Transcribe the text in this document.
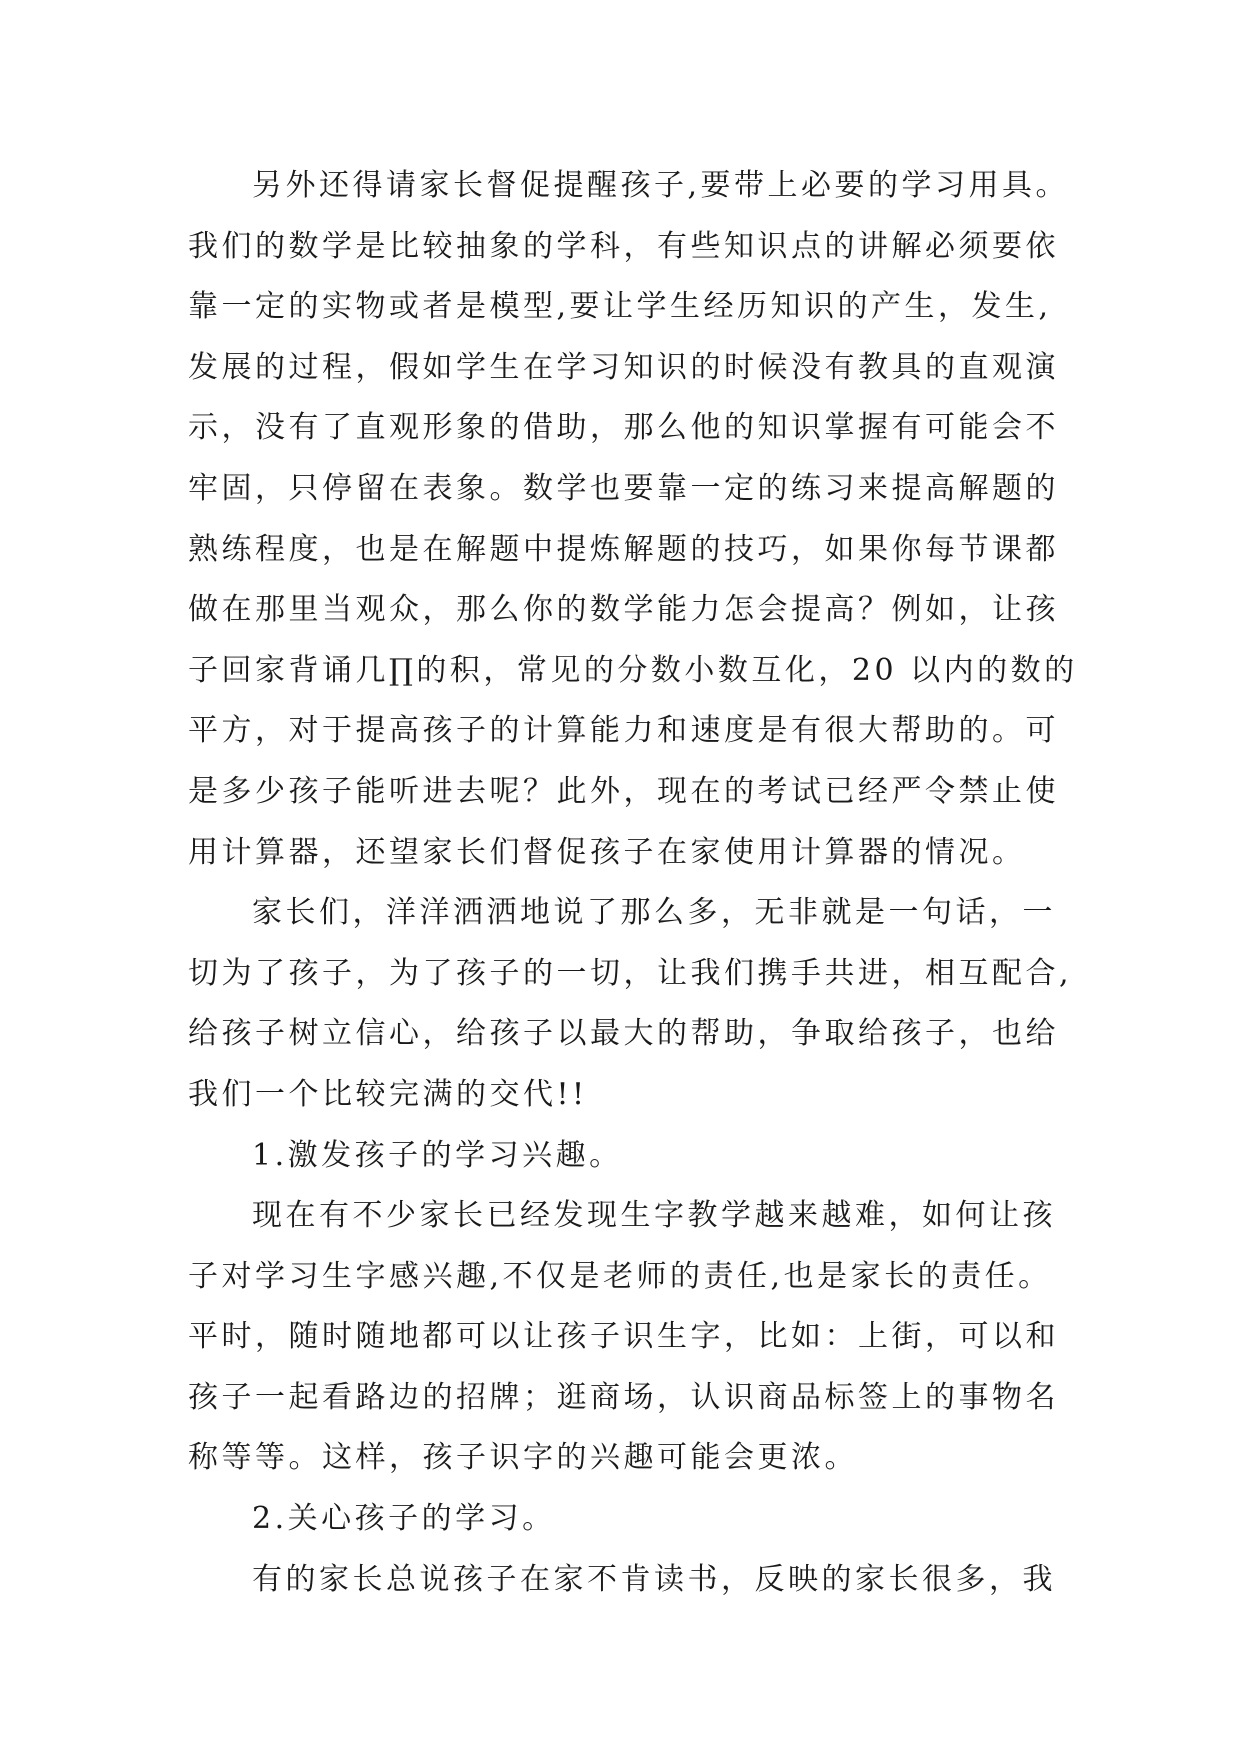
另外还得请家长督促提醒孩子,要带上必要的学习用具。
我们的数学是比较抽象的学科，有些知识点的讲解必须要依
靠一定的实物或者是模型,要让学生经历知识的产生，发生,
发展的过程，假如学生在学习知识的时候没有教具的直观演
示，没有了直观形象的借助，那么他的知识掌握有可能会不
牢固，只停留在表象。数学也要靠一定的练习来提高解题的
熟练程度，也是在解题中提炼解题的技巧，如果你每节课都
做在那里当观众，那么你的数学能力怎会提高？例如，让孩
子回家背诵几∏的积，常见的分数小数互化，20 以内的数的
平方，对于提高孩子的计算能力和速度是有很大帮助的。可
是多少孩子能听进去呢？此外，现在的考试已经严令禁止使
用计算器，还望家长们督促孩子在家使用计算器的情况。
家长们，洋洋洒洒地说了那么多，无非就是一句话，一
切为了孩子，为了孩子的一切，让我们携手共进，相互配合,
给孩子树立信心，给孩子以最大的帮助，争取给孩子，也给
我们一个比较完满的交代!!
1.激发孩子的学习兴趣。
现在有不少家长已经发现生字教学越来越难，如何让孩
子对学习生字感兴趣,不仅是老师的责任,也是家长的责任。
平时，随时随地都可以让孩子识生字，比如：上街，可以和
孩子一起看路边的招牌；逛商场，认识商品标签上的事物名
称等等。这样，孩子识字的兴趣可能会更浓。
2.关心孩子的学习。
有的家长总说孩子在家不肯读书，反映的家长很多，我
